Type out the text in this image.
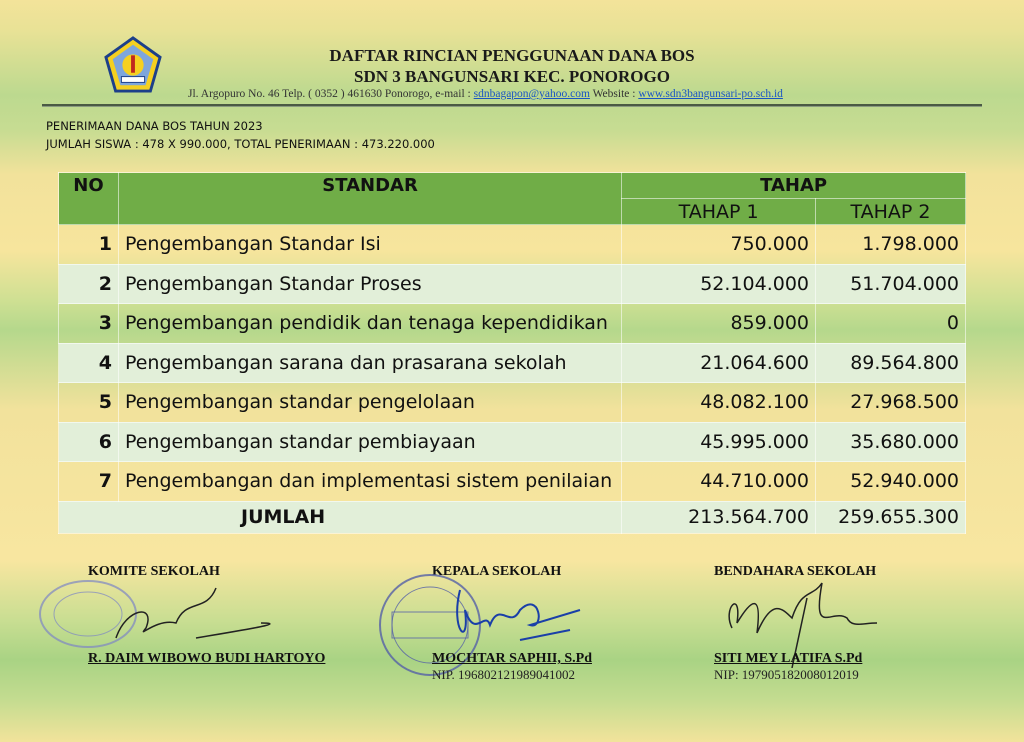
DAFTAR RINCIAN PENGGUNAAN DANA BOS
SDN 3 BANGUNSARI KEC. PONOROGO
Jl. Argopuro No. 46 Telp. ( 0352 ) 461630 Ponorogo, e-mail : sdnbagapon@yahoo.com Website : www.sdn3bangunsari-po.sch.id
PENERIMAAN DANA BOS TAHUN 2023
JUMLAH SISWA : 478 X 990.000, TOTAL PENERIMAAN : 473.220.000
NO	STANDAR	TAHAP	
		TAHAP 1	TAHAP 2
1	Pengembangan Standar Isi	750.000	1.798.000
2	Pengembangan Standar Proses	52.104.000	51.704.000
3	Pengembangan pendidik dan tenaga kependidikan	859.000	0
4	Pengembangan sarana dan prasarana sekolah	21.064.600	89.564.800
5	Pengembangan standar pengelolaan	48.082.100	27.968.500
6	Pengembangan standar pembiayaan	45.995.000	35.680.000
7	Pengembangan dan implementasi sistem penilaian	44.710.000	52.940.000
JUMLAH		213.564.700	259.655.300
KOMITE SEKOLAH	KEPALA SEKOLAH	BENDAHARA SEKOLAH
R. DAIM WIBOWO BUDI HARTOYO	MOCHTAR SAPHII, S.Pd
NIP. 196802121989041002
SITI MEY LATIFA S.Pd
NIP: 197905182008012019
